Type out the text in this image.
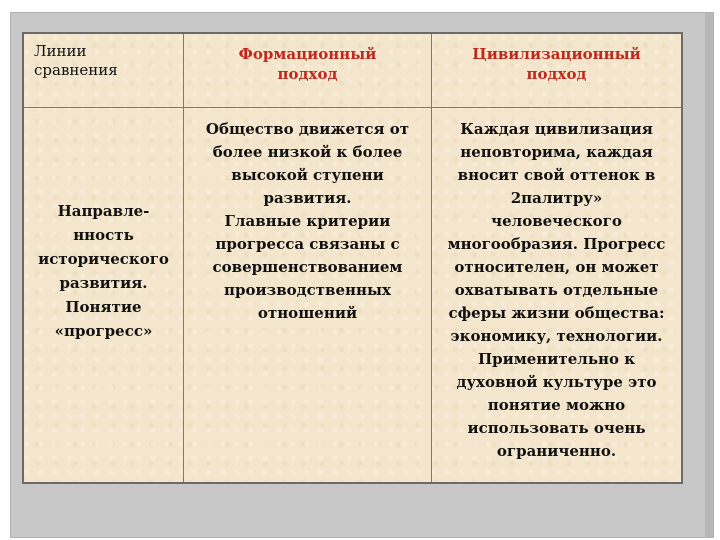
Линии
сравнения
Формационный
подход
Цивилизационный
подход
Направле-
нность
исторического
развития.
Понятие
«прогресс»
Общество движется от
более низкой к более
высокой ступени
развития.
Главные критерии
прогресса связаны с
совершенствованием
производственных
отношений
Каждая цивилизация
неповторима, каждая
вносит свой оттенок в
2палитру»
человеческого
многообразия. Прогресс
относителен, он может
охватывать отдельные
сферы жизни общества:
экономику, технологии.
Применительно к
духовной культуре это
понятие можно
использовать очень
ограниченно.
